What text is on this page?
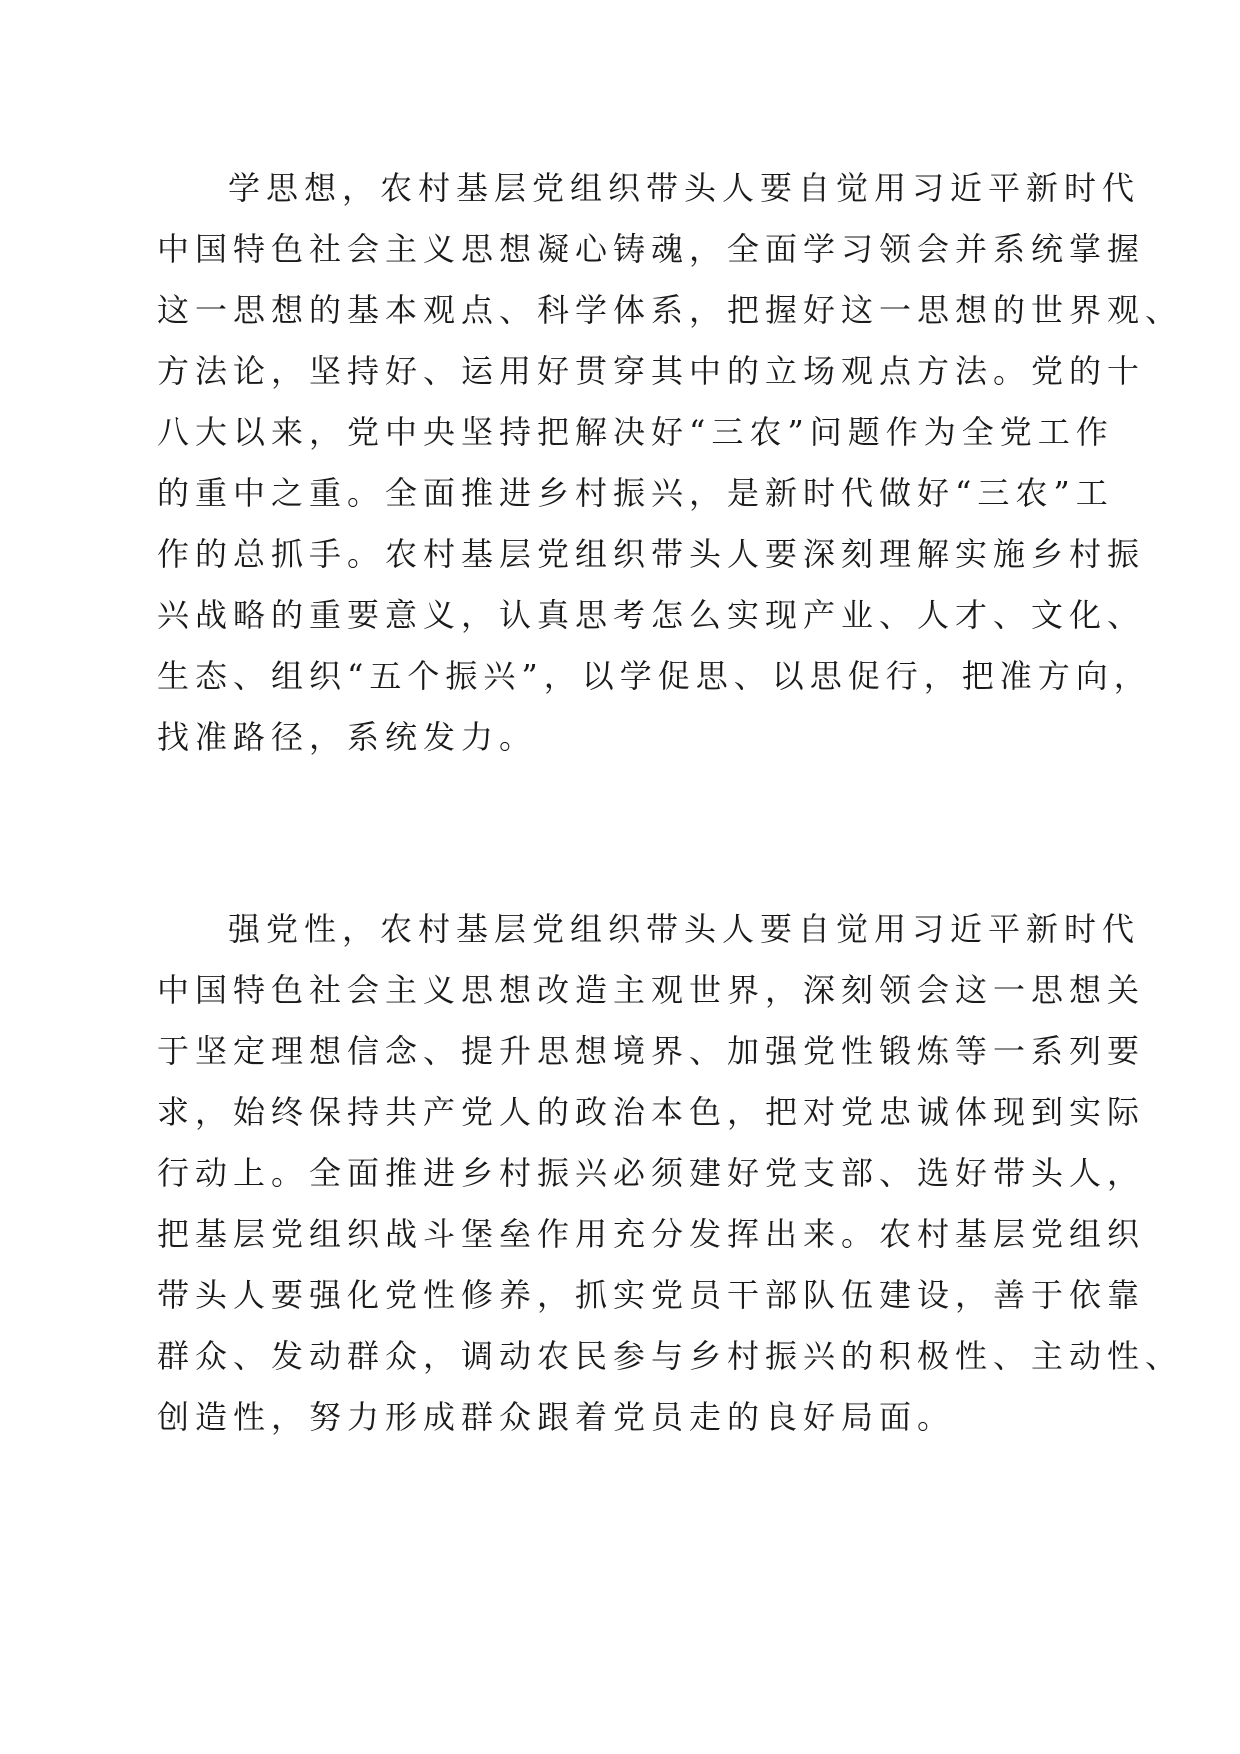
学思想，农村基层党组织带头人要自觉用习近平新时代
中国特色社会主义思想凝心铸魂，全面学习领会并系统掌握
这一思想的基本观点、科学体系，把握好这一思想的世界观、
方法论，坚持好、运用好贯穿其中的立场观点方法。党的十
八大以来，党中央坚持把解决好“三农”问题作为全党工作
的重中之重。全面推进乡村振兴，是新时代做好“三农”工
作的总抓手。农村基层党组织带头人要深刻理解实施乡村振
兴战略的重要意义，认真思考怎么实现产业、人才、文化、
生态、组织“五个振兴”，以学促思、以思促行，把准方向，
找准路径，系统发力。
强党性，农村基层党组织带头人要自觉用习近平新时代
中国特色社会主义思想改造主观世界，深刻领会这一思想关
于坚定理想信念、提升思想境界、加强党性锻炼等一系列要
求，始终保持共产党人的政治本色，把对党忠诚体现到实际
行动上。全面推进乡村振兴必须建好党支部、选好带头人，
把基层党组织战斗堡垒作用充分发挥出来。农村基层党组织
带头人要强化党性修养，抓实党员干部队伍建设，善于依靠
群众、发动群众，调动农民参与乡村振兴的积极性、主动性、
创造性，努力形成群众跟着党员走的良好局面。
